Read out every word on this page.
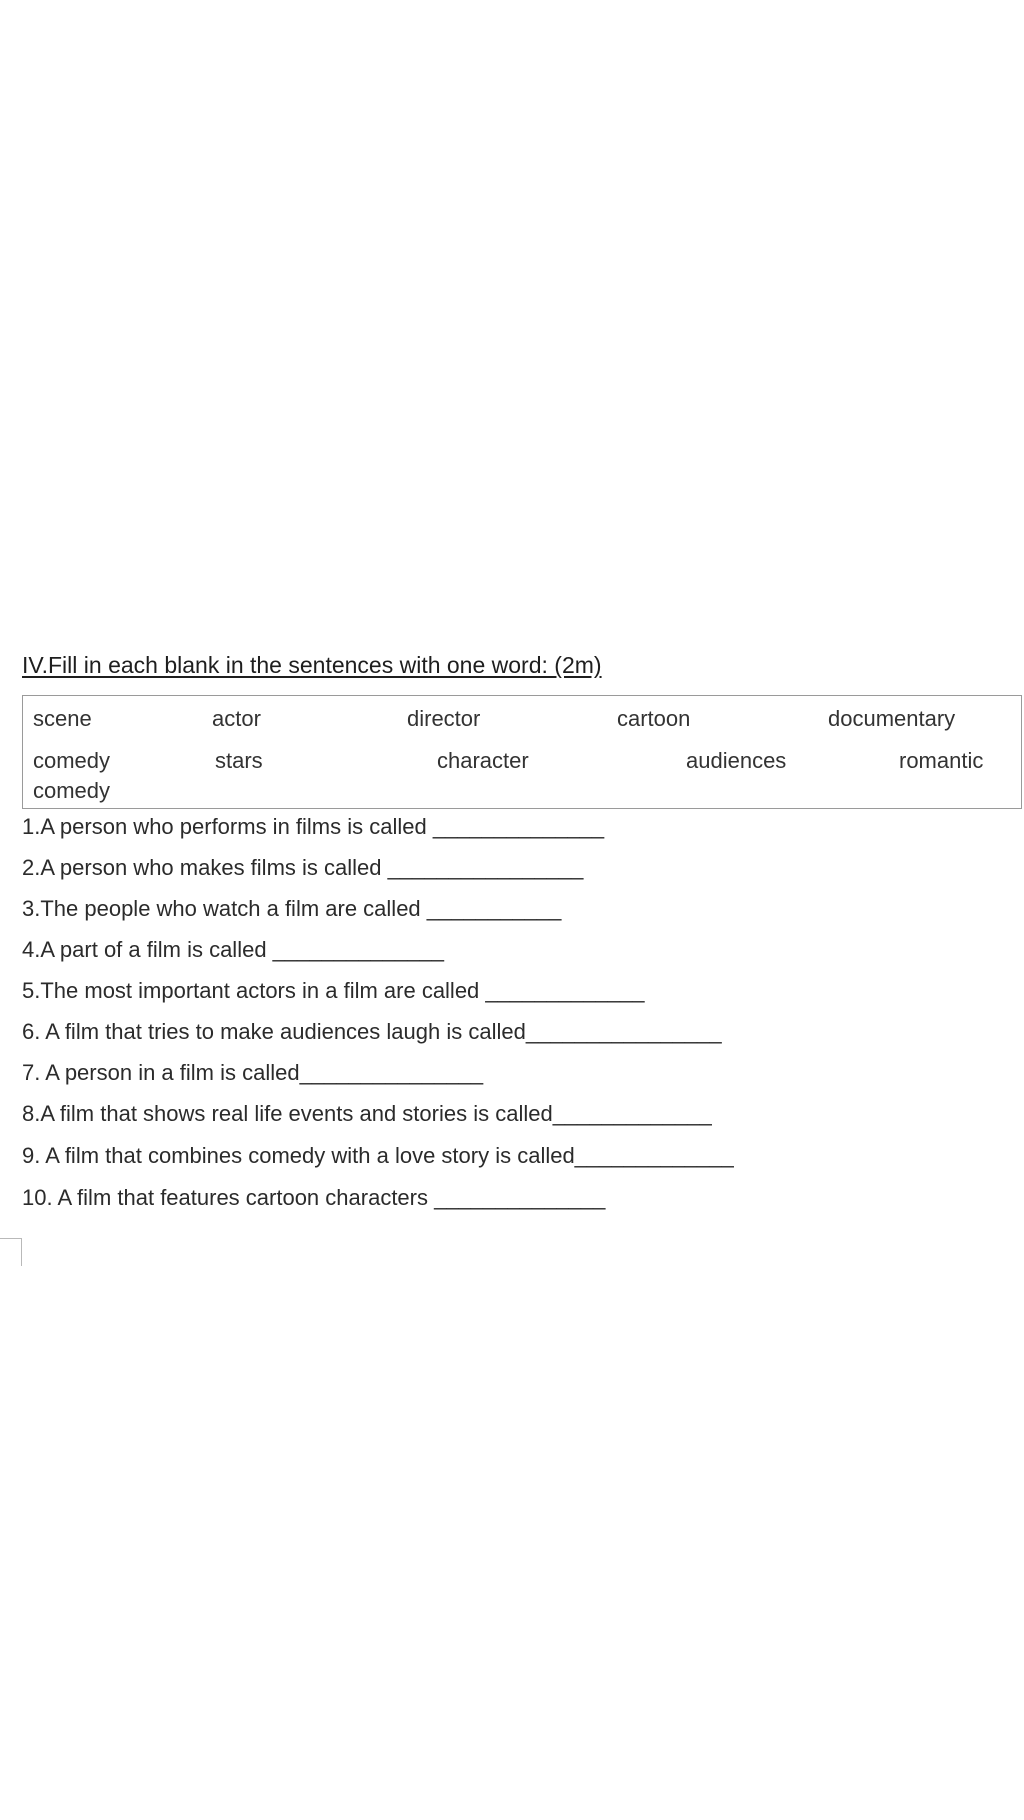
IV.Fill in each blank in the sentences with one word: (2m)
scene	actor	director	cartoon	documentary
comedy	stars	character	audiences	romantic
comedy
1.A person who performs in films is called ______________
2.A person who makes films is called ________________
3.The people who watch a film are called ___________
4.A part of a film is called ______________
5.The most important actors in a film are called _____________
6. A film that tries to make audiences laugh is called________________
7. A person in a film is called_______________
8.A film that shows real life events and stories is called_____________
9. A film that combines comedy with a love story is called_____________
10. A film that features cartoon characters ______________
